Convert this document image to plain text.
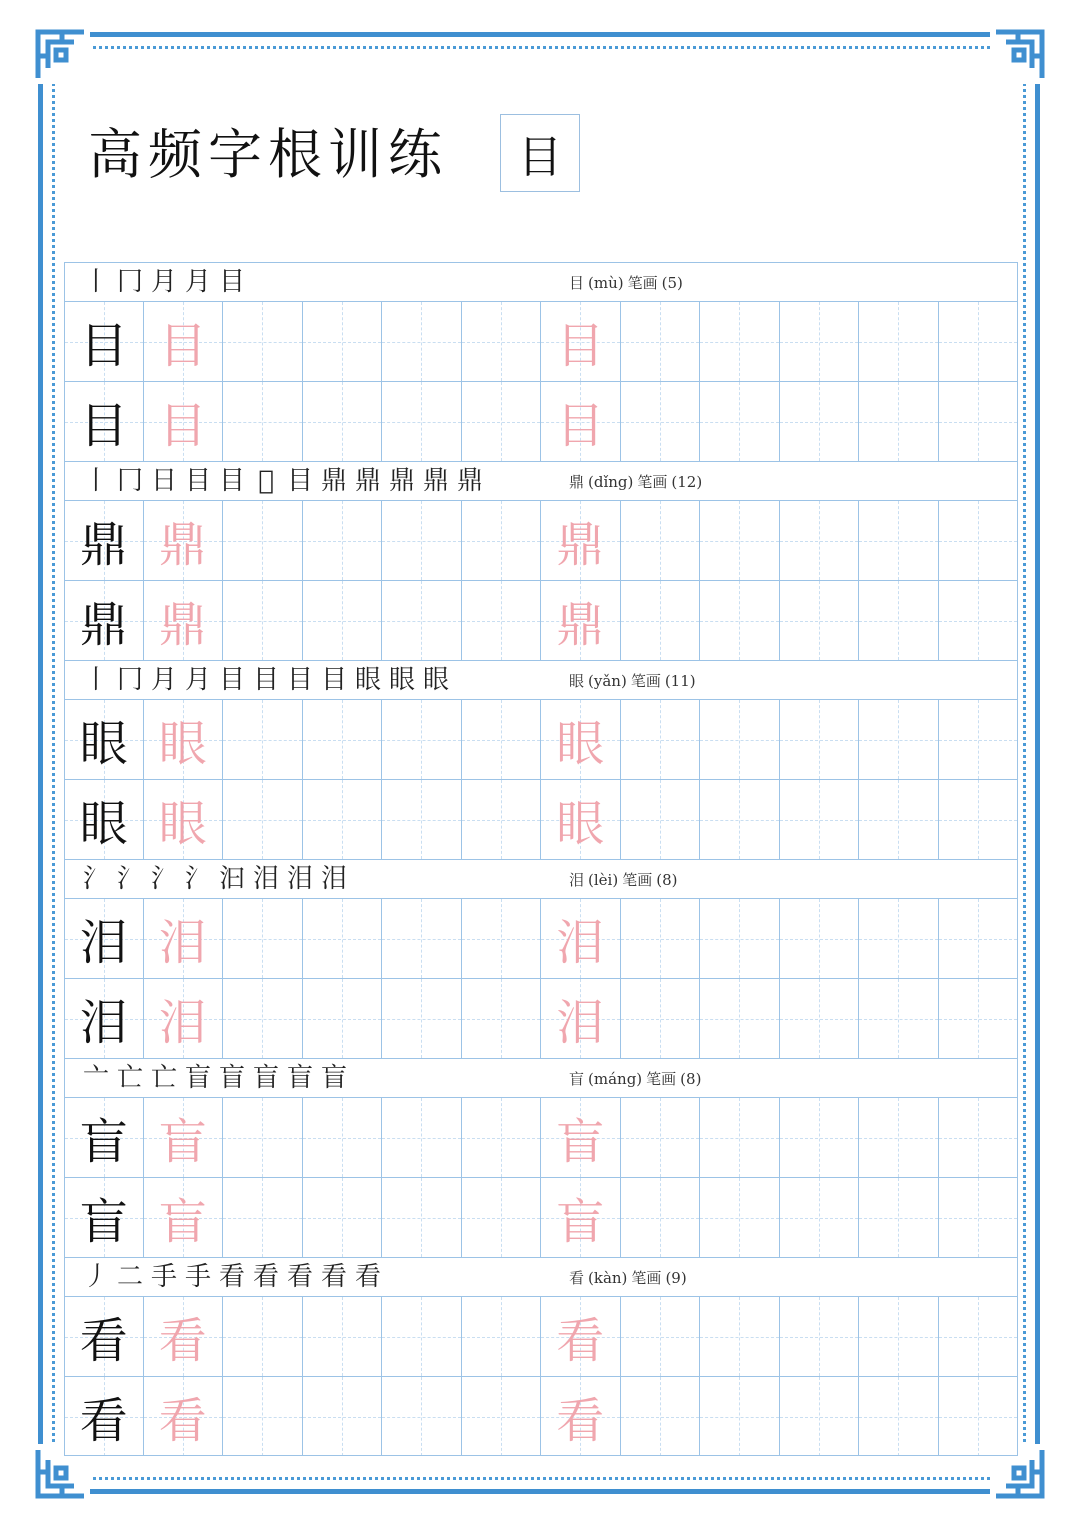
高频字根训练	目
丨 冂 月 月 目	目 (mù) 笔画 (5)
目 目	目
目 目	目
丨 冂 日 目 目 𣆪 目 鼎 鼎 鼎 鼎 鼎	鼎 (dǐng) 笔画 (12)
鼎 鼎	鼎
鼎 鼎	鼎
丨 冂 月 月 目 目 目 目 眼 眼 眼	眼 (yǎn) 笔画 (11)
眼 眼	眼
眼 眼	眼
氵 氵 氵 氵 汩 泪 泪 泪	泪 (lèi) 笔画 (8)
泪 泪	泪
泪 泪	泪
亠 亡 亡 盲 盲 盲 盲 盲	盲 (máng) 笔画 (8)
盲 盲	盲
盲 盲	盲
丿 二 手 手 看 看 看 看 看	看 (kàn) 笔画 (9)
看 看	看
看 看	看
